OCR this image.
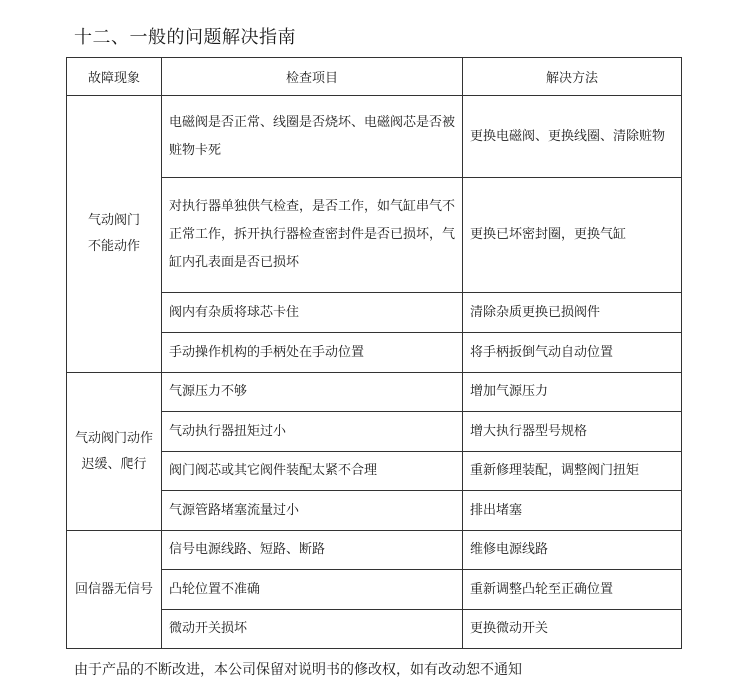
十二、一般的问题解决指南
故障现象	检查项目	解决方法

气动阀门
不能动作	电磁阀是否正常、线圈是否烧坏、电磁阀芯是否被赃物卡死	更换电磁阀、更换线圈、清除赃物
	对执行器单独供气检查，是否工作，如气缸串气不正常工作，拆开执行器检查密封件是否已损坏，气缸内孔表面是否已损坏	更换已坏密封圈，更换气缸
	阀内有杂质将球芯卡住	清除杂质更换已损阀件
	手动操作机构的手柄处在手动位置	将手柄扳倒气动自动位置

气动阀门动作
迟缓、爬行	气源压力不够	增加气源压力
	气动执行器扭矩过小	增大执行器型号规格
	阀门阀芯或其它阀件装配太紧不合理	重新修理装配，调整阀门扭矩
	气源管路堵塞流量过小	排出堵塞

回信器无信号	信号电源线路、短路、断路	维修电源线路
	凸轮位置不准确	重新调整凸轮至正确位置
	微动开关损坏	更换微动开关
由于产品的不断改进，本公司保留对说明书的修改权，如有改动恕不通知
